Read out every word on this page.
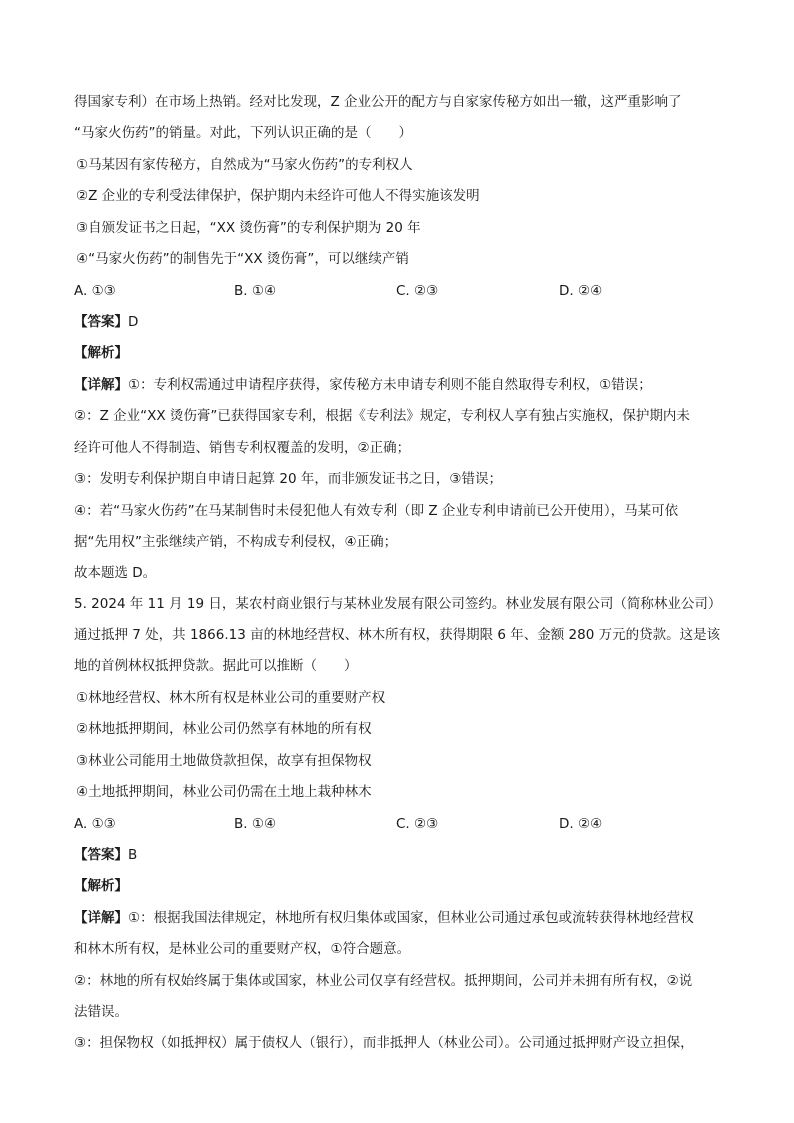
得国家专利）在市场上热销。经对比发现，Z 企业公开的配方与自家家传秘方如出一辙，这严重影响了
“马家火伤药”的销量。对此，下列认识正确的是（　　）
①马某因有家传秘方，自然成为“马家火伤药”的专利权人
②Z 企业的专利受法律保护，保护期内未经许可他人不得实施该发明
③自颁发证书之日起，“XX 烫伤膏”的专利保护期为 20 年
④“马家火伤药”的制售先于“XX 烫伤膏”，可以继续产销
A. ①③	B. ①④	C. ②③	D. ②④
【答案】D
【解析】
【详解】①：专利权需通过申请程序获得，家传秘方未申请专利则不能自然取得专利权，①错误；
②：Z 企业“XX 烫伤膏”已获得国家专利，根据《专利法》规定，专利权人享有独占实施权，保护期内未
经许可他人不得制造、销售专利权覆盖的发明，②正确；
③：发明专利保护期自申请日起算 20 年，而非颁发证书之日，③错误；
④：若“马家火伤药”在马某制售时未侵犯他人有效专利（即 Z 企业专利申请前已公开使用），马某可依
据“先用权”主张继续产销，不构成专利侵权，④正确；
故本题选 D。
5. 2024 年 11 月 19 日，某农村商业银行与某林业发展有限公司签约。林业发展有限公司（简称林业公司）
通过抵押 7 处，共 1866.13 亩的林地经营权、林木所有权，获得期限 6 年、金额 280 万元的贷款。这是该
地的首例林权抵押贷款。据此可以推断（　　）
①林地经营权、林木所有权是林业公司的重要财产权
②林地抵押期间，林业公司仍然享有林地的所有权
③林业公司能用土地做贷款担保，故享有担保物权
④土地抵押期间，林业公司仍需在土地上栽种林木
A. ①③	B. ①④	C. ②③	D. ②④
【答案】B
【解析】
【详解】①：根据我国法律规定，林地所有权归集体或国家，但林业公司通过承包或流转获得林地经营权
和林木所有权，是林业公司的重要财产权，①符合题意。
②：林地的所有权始终属于集体或国家，林业公司仅享有经营权。抵押期间，公司并未拥有所有权，②说
法错误。
③：担保物权（如抵押权）属于债权人（银行），而非抵押人（林业公司）。公司通过抵押财产设立担保，
